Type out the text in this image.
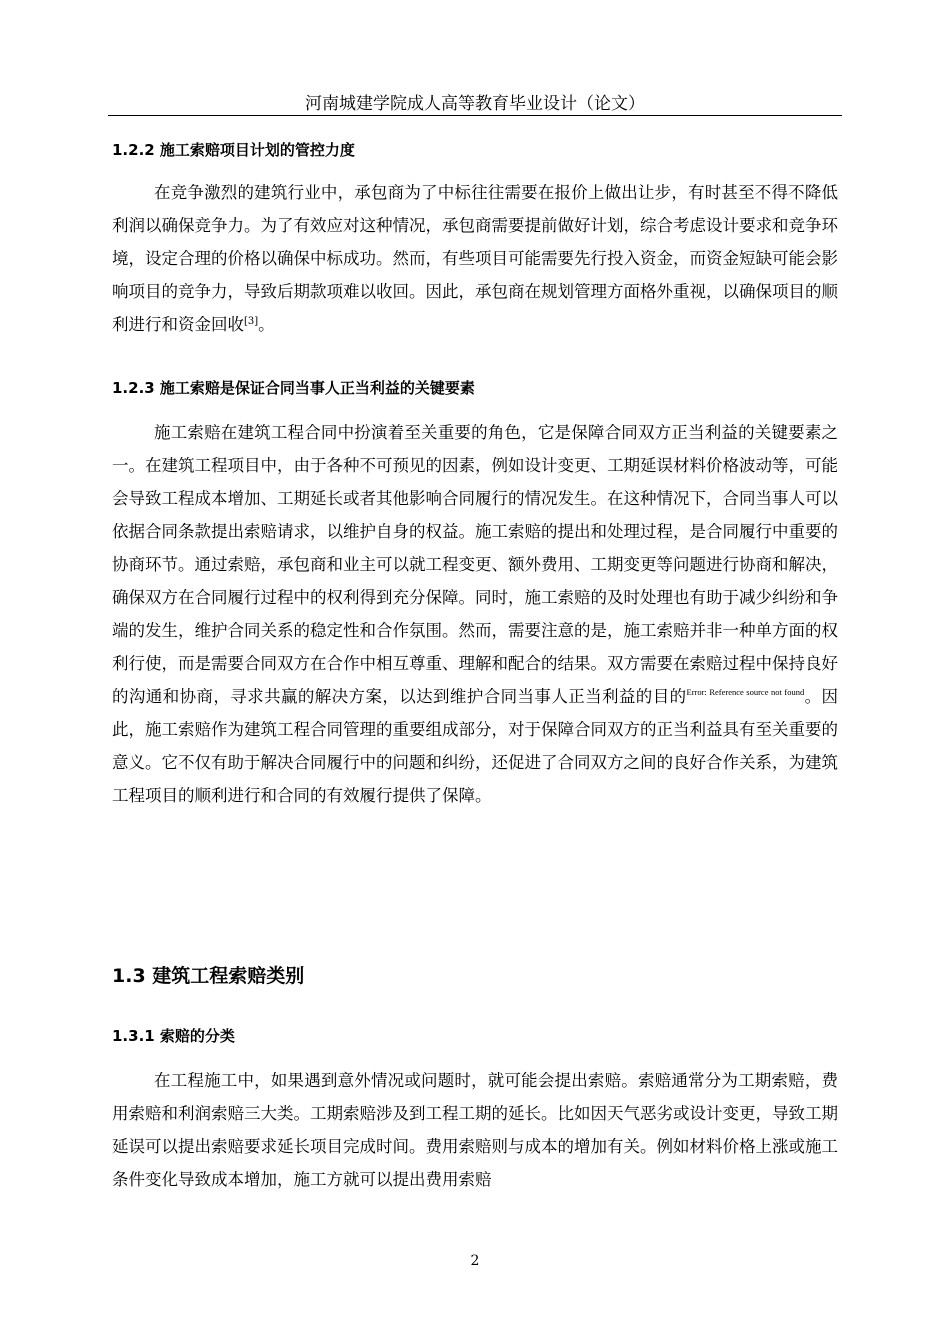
河南城建学院成人高等教育毕业设计（论文）
1.2.2 施工索赔项目计划的管控力度

在竞争激烈的建筑行业中，承包商为了中标往往需要在报价上做出让步，有时甚至不得不降低利润以确保竞争力。为了有效应对这种情况，承包商需要提前做好计划，综合考虑设计要求和竞争环境，设定合理的价格以确保中标成功。然而，有些项目可能需要先行投入资金，而资金短缺可能会影响项目的竞争力，导致后期款项难以收回。因此，承包商在规划管理方面格外重视，以确保项目的顺利进行和资金回收[3]。

1.2.3 施工索赔是保证合同当事人正当利益的关键要素

施工索赔在建筑工程合同中扮演着至关重要的角色，它是保障合同双方正当利益的关键要素之一。在建筑工程项目中，由于各种不可预见的因素，例如设计变更、工期延误材料价格波动等，可能会导致工程成本增加、工期延长或者其他影响合同履行的情况发生。在这种情况下，合同当事人可以依据合同条款提出索赔请求，以维护自身的权益。施工索赔的提出和处理过程，是合同履行中重要的协商环节。通过索赔，承包商和业主可以就工程变更、额外费用、工期变更等问题进行协商和解决，确保双方在合同履行过程中的权利得到充分保障。同时，施工索赔的及时处理也有助于减少纠纷和争端的发生，维护合同关系的稳定性和合作氛围。然而，需要注意的是，施工索赔并非一种单方面的权利行使，而是需要合同双方在合作中相互尊重、理解和配合的结果。双方需要在索赔过程中保持良好的沟通和协商，寻求共赢的解决方案，以达到维护合同当事人正当利益的目的$^{Error: Reference source not found}$。因此，施工索赔作为建筑工程合同管理的重要组成部分，对于保障合同双方的正当利益具有至关重要的意义。它不仅有助于解决合同履行中的问题和纠纷，还促进了合同双方之间的良好合作关系，为建筑工程项目的顺利进行和合同的有效履行提供了保障。

1.3 建筑工程索赔类别
1.3.1 索赔的分类

在工程施工中，如果遇到意外情况或问题时，就可能会提出索赔。索赔通常分为工期索赔，费用索赔和利润索赔三大类。工期索赔涉及到工程工期的延长。比如因天气恶劣或设计变更，导致工期延误可以提出索赔要求延长项目完成时间。费用索赔则与成本的增加有关。例如材料价格上涨或施工条件变化导致成本增加，施工方就可以提出费用索赔

2
